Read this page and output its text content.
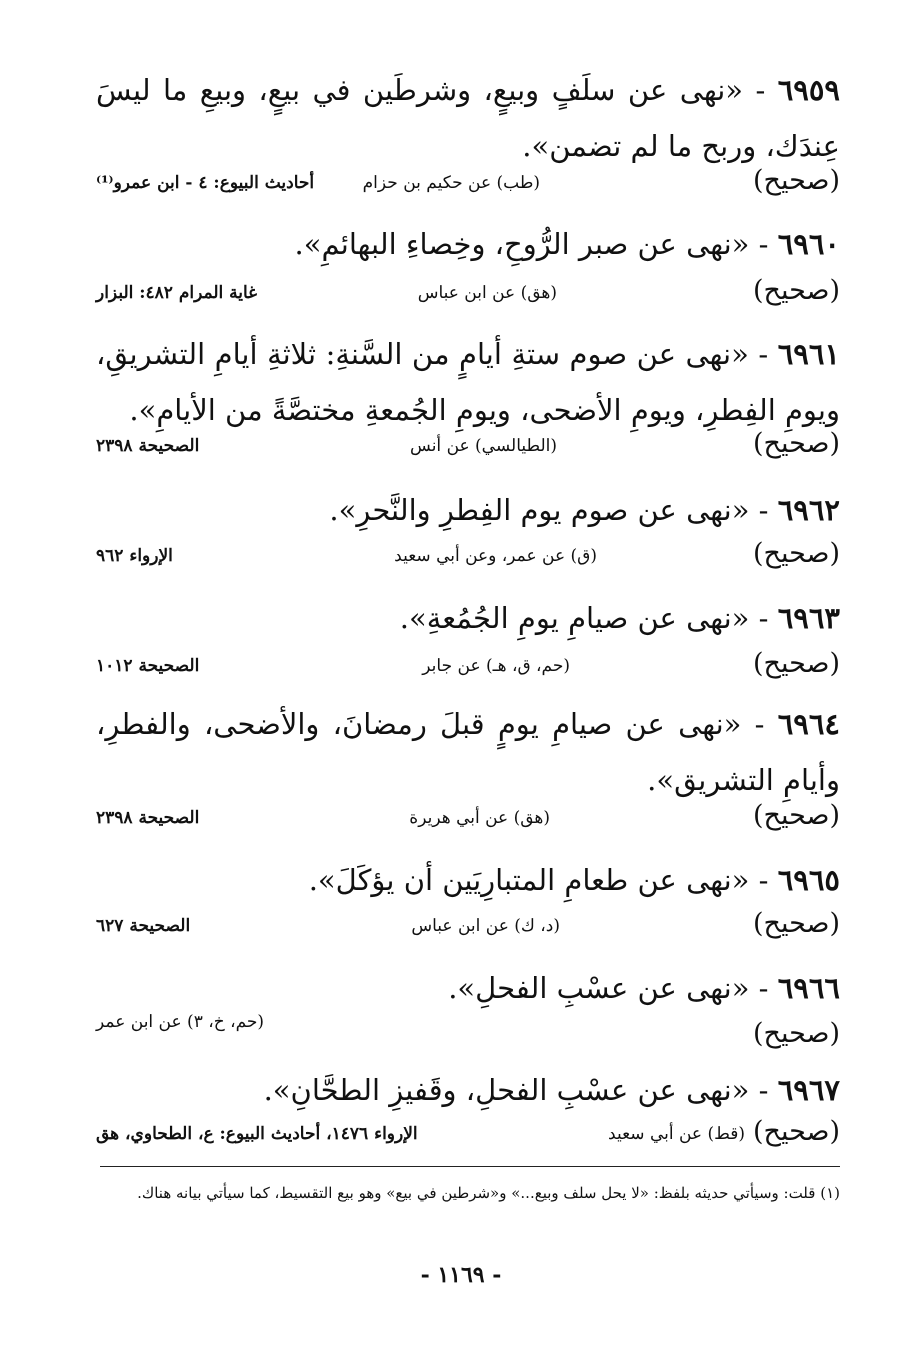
٦٩٥٩ - «نهى عن سلَفٍ وبيعٍ، وشرطَين في بيعٍ، وبيعِ ما ليسَ عِندَك، وربح ما لم تضمن».
(صحيح)
(طب) عن حكيم بن حزام
أحاديث البيوع: ٤ - ابن عمرو⁽¹⁾
٦٩٦٠ - «نهى عن صبر الرُّوحِ، وخِصاءِ البهائمِ».
(صحيح)
(هق) عن ابن عباس
غاية المرام ٤٨٢: البزار
٦٩٦١ - «نهى عن صوم ستةِ أيامٍ من السَّنةِ: ثلاثةِ أيامِ التشريقِ، ويومِ الفِطرِ، ويومِ الأضحى، ويومِ الجُمعةِ مختصَّةً من الأيامِ».
(صحيح)
(الطيالسي) عن أنس
الصحيحة ٢٣٩٨
٦٩٦٢ - «نهى عن صوم يوم الفِطرِ والنَّحرِ».
(صحيح)
(ق) عن عمر، وعن أبي سعيد
الإرواء ٩٦٢
٦٩٦٣ - «نهى عن صيامِ يومِ الجُمُعةِ».
(صحيح)
(حم، ق، هـ) عن جابر
الصحيحة ١٠١٢
٦٩٦٤ - «نهى عن صيامِ يومٍ قبلَ رمضانَ، والأضحى، والفطرِ، وأيامِ التشريق».
(صحيح)
(هق) عن أبي هريرة
الصحيحة ٢٣٩٨
٦٩٦٥ - «نهى عن طعامِ المتبارِيَين أن يؤكَلَ».
(صحيح)
(د، ك) عن ابن عباس
الصحيحة ٦٢٧
٦٩٦٦ - «نهى عن عسْبِ الفحلِ».
(صحيح)
(حم، خ، ٣) عن ابن عمر
٦٩٦٧ - «نهى عن عسْبِ الفحلِ، وقَفيزِ الطحَّانِ».
(صحيح)
(قط) عن أبي سعيد
الإرواء ١٤٧٦، أحاديث البيوع: ع، الطحاوي، هق
(١) قلت: وسيأتي حديثه بلفظ: «لا يحل سلف وبيع...» و«شرطين في بيع» وهو بيع التقسيط، كما سيأتي بيانه هناك.
- ١١٦٩ -
